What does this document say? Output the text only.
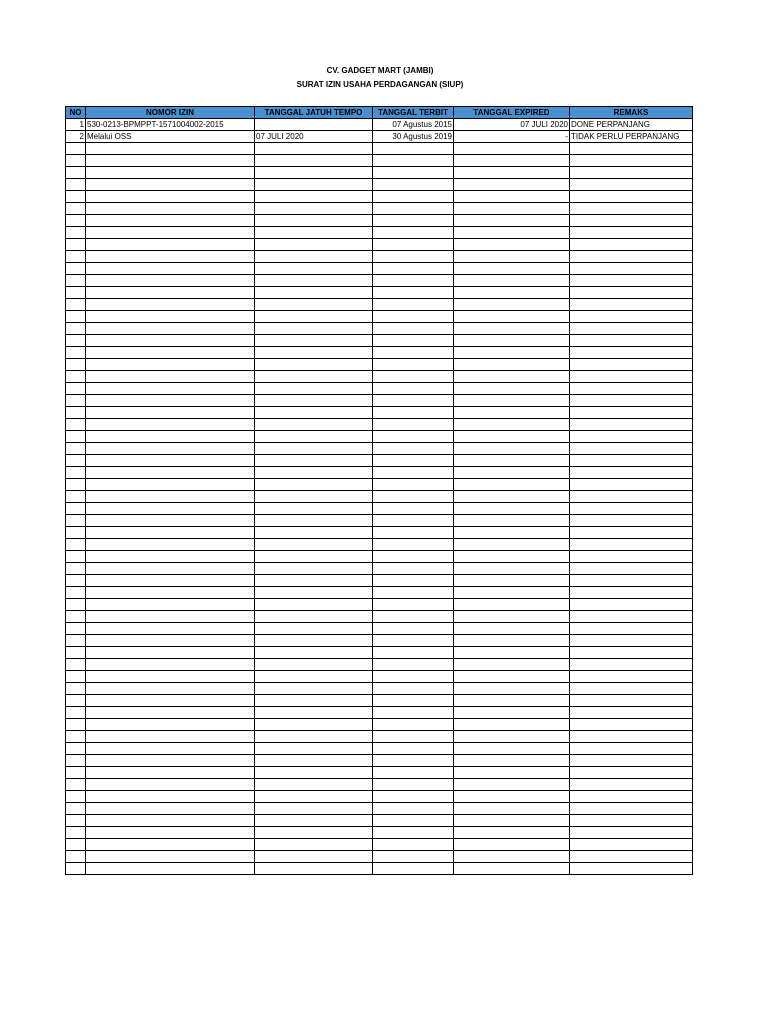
CV. GADGET MART (JAMBI)
SURAT IZIN USAHA PERDAGANGAN (SIUP)
NO	NOMOR IZIN	TANGGAL JATUH TEMPO	TANGGAL TERBIT	TANGGAL EXPIRED	REMAKS
1	530-0213-BPMPPT-1571004002-2015		07 Agustus 2015	07 JULI 2020	DONE PERPANJANG
2	Melalui OSS	07 JULI 2020	30 Agustus 2019	-	TIDAK PERLU PERPANJANG
